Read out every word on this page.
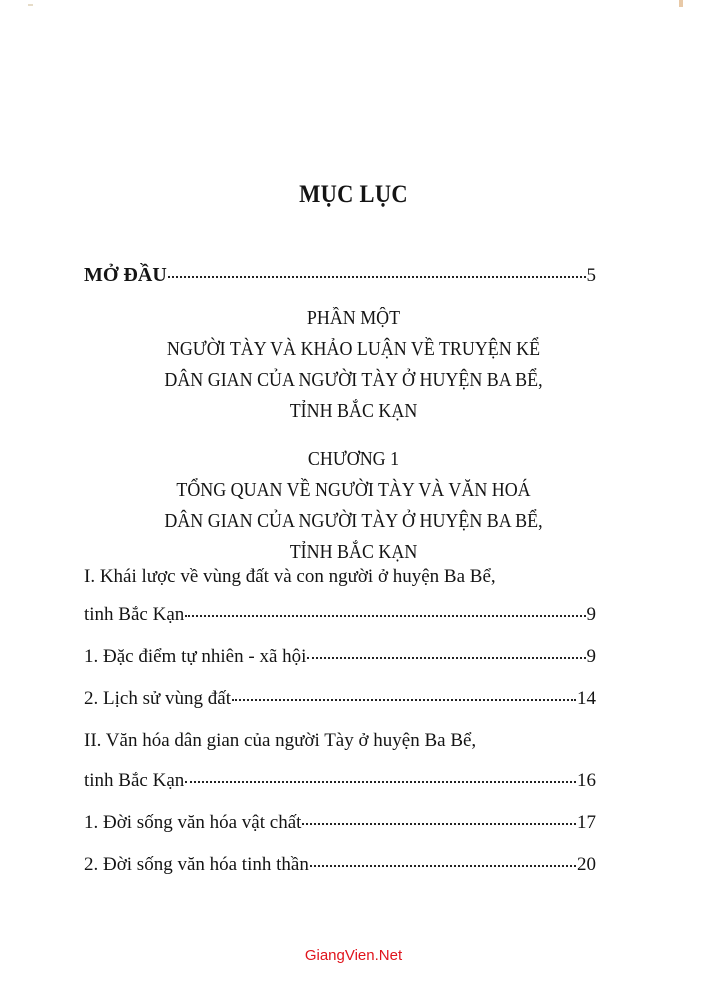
MỤC LỤC
MỞ ĐẦU	5
PHẦN MỘT
NGƯỜI TÀY VÀ KHẢO LUẬN VỀ TRUYỆN KỂ
DÂN GIAN CỦA NGƯỜI TÀY Ở HUYỆN BA BỂ,
TỈNH BẮC KẠN
CHƯƠNG 1
TỔNG QUAN VỀ NGƯỜI TÀY VÀ VĂN HOÁ
DÂN GIAN CỦA NGƯỜI TÀY Ở HUYỆN BA BỂ,
TỈNH BẮC KẠN
I. Khái lược về vùng đất và con người ở huyện Ba Bể,
tinh Bắc Kạn	9
1. Đặc điểm tự nhiên - xã hội	9
2. Lịch sử vùng đất	14
II. Văn hóa dân gian của người Tày ở huyện Ba Bể,
tinh Bắc Kạn	16
1. Đời sống văn hóa vật chất	17
2. Đời sống văn hóa tinh thần	20
GiangVien.Net
